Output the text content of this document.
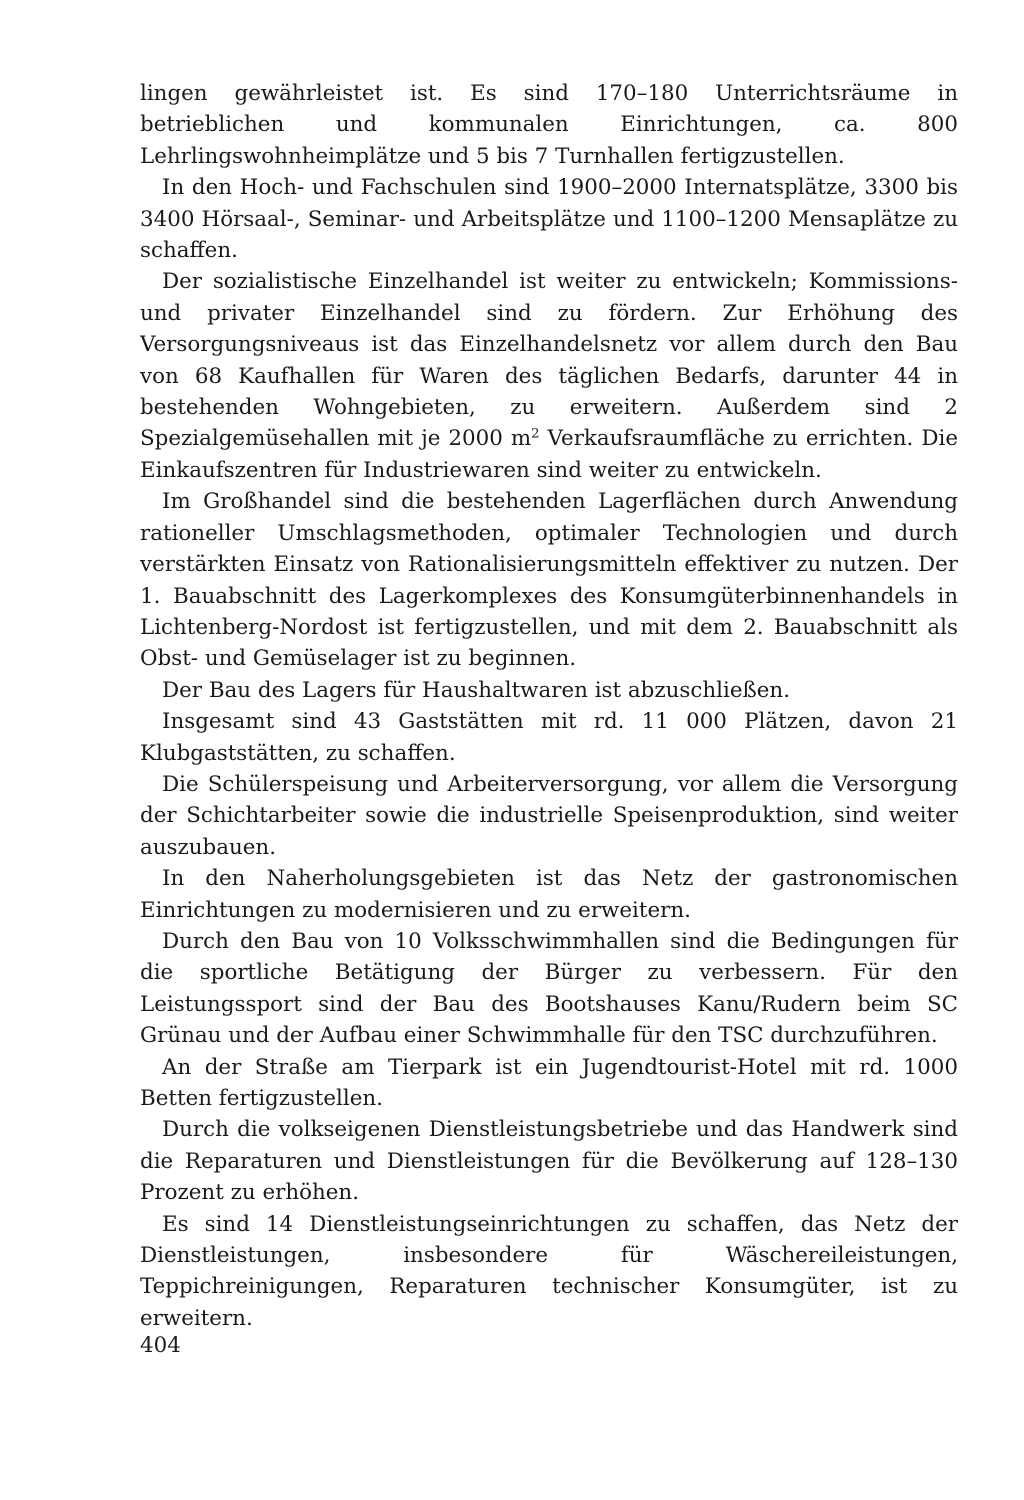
lingen gewährleistet ist. Es sind 170–180 Unterrichtsräume in betrieblichen und kommunalen Einrichtungen, ca. 800 Lehrlingswohnheimplätze und 5 bis 7 Turnhallen fertigzustellen.

In den Hoch- und Fachschulen sind 1900–2000 Internatsplätze, 3300 bis 3400 Hörsaal-, Seminar- und Arbeitsplätze und 1100–1200 Mensaplätze zu schaffen.

Der sozialistische Einzelhandel ist weiter zu entwickeln; Kommissions- und privater Einzelhandel sind zu fördern. Zur Erhöhung des Versorgungsniveaus ist das Einzelhandelsnetz vor allem durch den Bau von 68 Kaufhallen für Waren des täglichen Bedarfs, darunter 44 in bestehenden Wohngebieten, zu erweitern. Außerdem sind 2 Spezialgemüsehallen mit je 2000 $m^2$ Verkaufsraumfläche zu errichten. Die Einkaufszentren für Industriewaren sind weiter zu entwickeln.

Im Großhandel sind die bestehenden Lagerflächen durch Anwendung rationeller Umschlagsmethoden, optimaler Technologien und durch verstärkten Einsatz von Rationalisierungsmitteln effektiver zu nutzen. Der 1. Bauabschnitt des Lagerkomplexes des Konsumgüterbinnenhandels in Lichtenberg-Nordost ist fertigzustellen, und mit dem 2. Bauabschnitt als Obst- und Gemüselager ist zu beginnen.

Der Bau des Lagers für Haushaltwaren ist abzuschließen.

Insgesamt sind 43 Gaststätten mit rd. 11 000 Plätzen, davon 21 Klubgaststätten, zu schaffen.

Die Schülerspeisung und Arbeiterversorgung, vor allem die Versorgung der Schichtarbeiter sowie die industrielle Speisenproduktion, sind weiter auszubauen.

In den Naherholungsgebieten ist das Netz der gastronomischen Einrichtungen zu modernisieren und zu erweitern.

Durch den Bau von 10 Volksschwimmhallen sind die Bedingungen für die sportliche Betätigung der Bürger zu verbessern. Für den Leistungssport sind der Bau des Bootshauses Kanu/Rudern beim SC Grünau und der Aufbau einer Schwimmhalle für den TSC durchzuführen.

An der Straße am Tierpark ist ein Jugendtourist-Hotel mit rd. 1000 Betten fertigzustellen.

Durch die volkseigenen Dienstleistungsbetriebe und das Handwerk sind die Reparaturen und Dienstleistungen für die Bevölkerung auf 128–130 Prozent zu erhöhen.

Es sind 14 Dienstleistungseinrichtungen zu schaffen, das Netz der Dienstleistungen, insbesondere für Wäschereileistungen, Teppichreinigungen, Reparaturen technischer Konsumgüter, ist zu erweitern.

404
